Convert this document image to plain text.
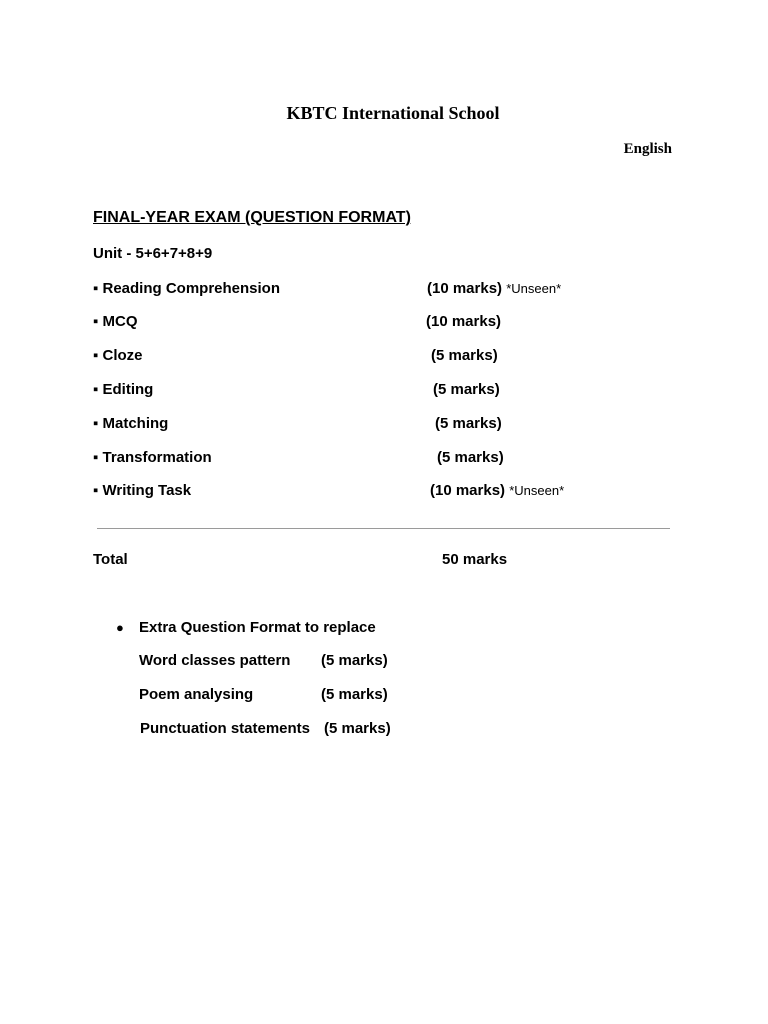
KBTC International School
English
FINAL-YEAR EXAM (QUESTION FORMAT)
Unit - 5+6+7+8+9
▪ Reading Comprehension	(10 marks) *Unseen*
▪ MCQ	(10 marks)
▪ Cloze	(5 marks)
▪ Editing	(5 marks)
▪ Matching	(5 marks)
▪ Transformation	(5 marks)
▪ Writing Task	(10 marks) *Unseen*
Total	50 marks
● Extra Question Format to replace
Word classes pattern (5 marks)
Poem analysing	(5 marks)
Punctuation statements (5 marks)
